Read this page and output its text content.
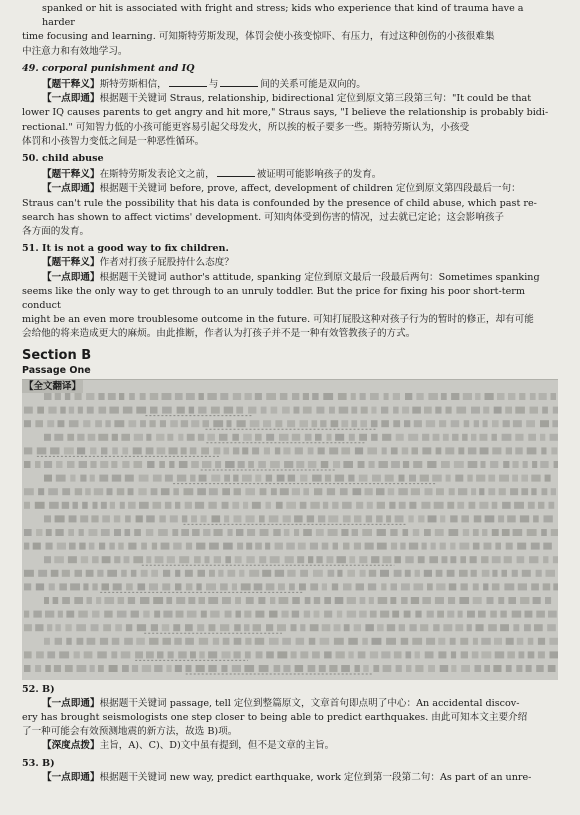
spanked or hit is associated with fright and stress; kids who experience that kind of trauma have a harder

time focusing and learning. 可知斯特劳斯发现，体罚会使小孩变惊吓、有压力，有过这种创伤的小孩很难集

中注意力和有效地学习。

49. corporal punishment and IQ

【题干释义】斯特劳斯相信，	与	间的关系可能是双向的。

【一点即通】根据题干关键词 Straus, relationship, bidirectional 定位到原文第三段第三句："It could be that

lower IQ causes parents to get angry and hit more," Straus says, "I believe the relationship is probably bidi-

rectional." 可知智力低的小孩可能更容易引起父母发火，所以挨的板子要多一些。斯特劳斯认为，小孩受

体罚和小孩智力变低之间是一种恶性循环。

50. child abuse

【题干释义】在斯特劳斯发表论文之前，	被证明可能影响孩子的发育。

【一点即通】根据题干关键词 before, prove, affect, development of children 定位到原文第四段最后一句：

Straus can't rule the possibility that his data is confounded by the presence of child abuse, which past re-

search has shown to affect victims' development. 可知肉体受到伤害的情况，过去就已定论；这会影响孩子

各方面的发育。

51. It is not a good way to fix children.

【题干释义】作者对打孩子屁股持什么态度？

【一点即通】根据题干关键词 author's attitude, spanking 定位到原文最后一段最后两句：Sometimes spanking

seems like the only way to get through to an unruly toddler. But the price for fixing his poor short-term conduct

might be an even more troublesome outcome in the future. 可知打屁股这种对孩子行为的暂时的修正，却有可能

会给他的将来造成更大的麻烦。由此推断，作者认为打孩子并不是一种有效管教孩子的方式。

Section B
Passage One
【全文翻译】

52. B)

【一点即通】根据题干关键词 passage, tell 定位到整篇原文，文章首句即点明了中心：An accidental discov-

ery has brought seismologists one step closer to being able to predict earthquakes. 由此可知本文主要介绍

了一种可能会有效预测地震的新方法，故选 B)项。

【深度点拨】主旨，A)、C)、D)文中虽有提到，但不是文章的主旨。

53. B)

【一点即通】根据题干关键词 new way, predict earthquake, work 定位到第一段第二句：As part of an unre-
